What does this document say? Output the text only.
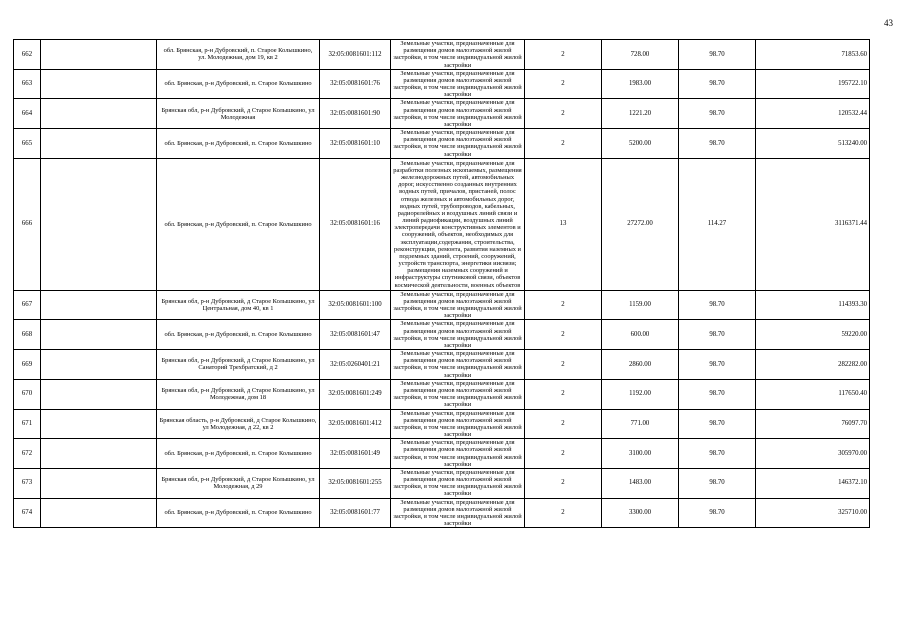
43
662		обл. Брянская, р-н Дубровский, п. Старое Колышкино, ул. Молодежная, дом 19, кв 2	32:05:0081601:112	Земельные участки, предназначенные для размещения домов малоэтажной жилой застройки, в том числе индивидуальной жилой застройки	2	728.00	98.70	71853.60
663		обл. Брянская, р-н Дубровский, п. Старое Колышкино	32:05:0081601:76	Земельные участки, предназначенные для размещения домов малоэтажной жилой застройки, в том числе индивидуальной жилой застройки	2	1983.00	98.70	195722.10
664		Брянская обл, р-н Дубровский, д Старое Колышкино, ул Молодежная	32:05:0081601:90	Земельные участки, предназначенные для размещения домов малоэтажной жилой застройки, в том числе индивидуальной жилой застройки	2	1221.20	98.70	120532.44
665		обл. Брянская, р-н Дубровский, п. Старое Колышкино	32:05:0081601:10	Земельные участки, предназначенные для размещения домов малоэтажной жилой застройки, в том числе индивидуальной жилой застройки	2	5200.00	98.70	513240.00
666		обл. Брянская, р-н Дубровский, п. Старое Колышкино	32:05:0081601:16	Земельные участки, предназначенные для разработки полезных ископаемых, размещения железнодорожных путей, автомобильных дорог, искусственно созданных внутренних водных путей, причалов, пристаней, полос отвода железных и автомобильных дорог, водных путей, трубопроводов, кабельных, радиорелейных и воздушных линий связи и линий радиофикации, воздушных линий электропередачи конструктивных элементов и сооружений, объектов, необходимых для эксплуатации,содержания, строительства, реконструкции, ремонта, развития наземных и подземных зданий, строений, сооружений, устройств транспорта, энергетики иисвязи; размещения наземных сооружений и инфраструктуры спутниковой связи, объектов космической деятельности, военных объектов	13	27272.00	114.27	3116371.44
667		Брянская обл, р-н Дубровский, д Старое Колышкино, ул Центральная, дом 40, кв 1	32:05:0081601:100	Земельные участки, предназначенные для размещения домов малоэтажной жилой застройки, в том числе индивидуальной жилой застройки	2	1159.00	98.70	114393.30
668		обл. Брянская, р-н Дубровский, п. Старое Колышкино	32:05:0081601:47	Земельные участки, предназначенные для размещения домов малоэтажной жилой застройки, в том числе индивидуальной жилой застройки	2	600.00	98.70	59220.00
669		Брянская обл, р-н Дубровский, д Старое Колышкино, ул Санаторий Трехбратский, д 2	32:05:0260401:21	Земельные участки, предназначенные для размещения домов малоэтажной жилой застройки, в том числе индивидуальной жилой застройки	2	2860.00	98.70	282282.00
670		Брянская обл, р-н Дубровский, д Старое Колышкино, ул Молодежная, дом 18	32:05:0081601:249	Земельные участки, предназначенные для размещения домов малоэтажной жилой застройки, в том числе индивидуальной жилой застройки	2	1192.00	98.70	117650.40
671		Брянская область, р-н Дубровский, д Старое Колышкино, ул Молодежная, д 22, кв 2	32:05:0081601:412	Земельные участки, предназначенные для размещения домов малоэтажной жилой застройки, в том числе индивидуальной жилой застройки	2	771.00	98.70	76097.70
672		обл. Брянская, р-н Дубровский, п. Старое Колышкино	32:05:0081601:49	Земельные участки, предназначенные для размещения домов малоэтажной жилой застройки, в том числе индивидуальной жилой застройки	2	3100.00	98.70	305970.00
673		Брянская обл, р-н Дубровский, д Старое Колышкино, ул Молодежная, д 29	32:05:0081601:255	Земельные участки, предназначенные для размещения домов малоэтажной жилой застройки, в том числе индивидуальной жилой застройки	2	1483.00	98.70	146372.10
674		обл. Брянская, р-н Дубровский, п. Старое Колышкино	32:05:0081601:77	Земельные участки, предназначенные для размещения домов малоэтажной жилой застройки, в том числе индивидуальной жилой застройки	2	3300.00	98.70	325710.00
